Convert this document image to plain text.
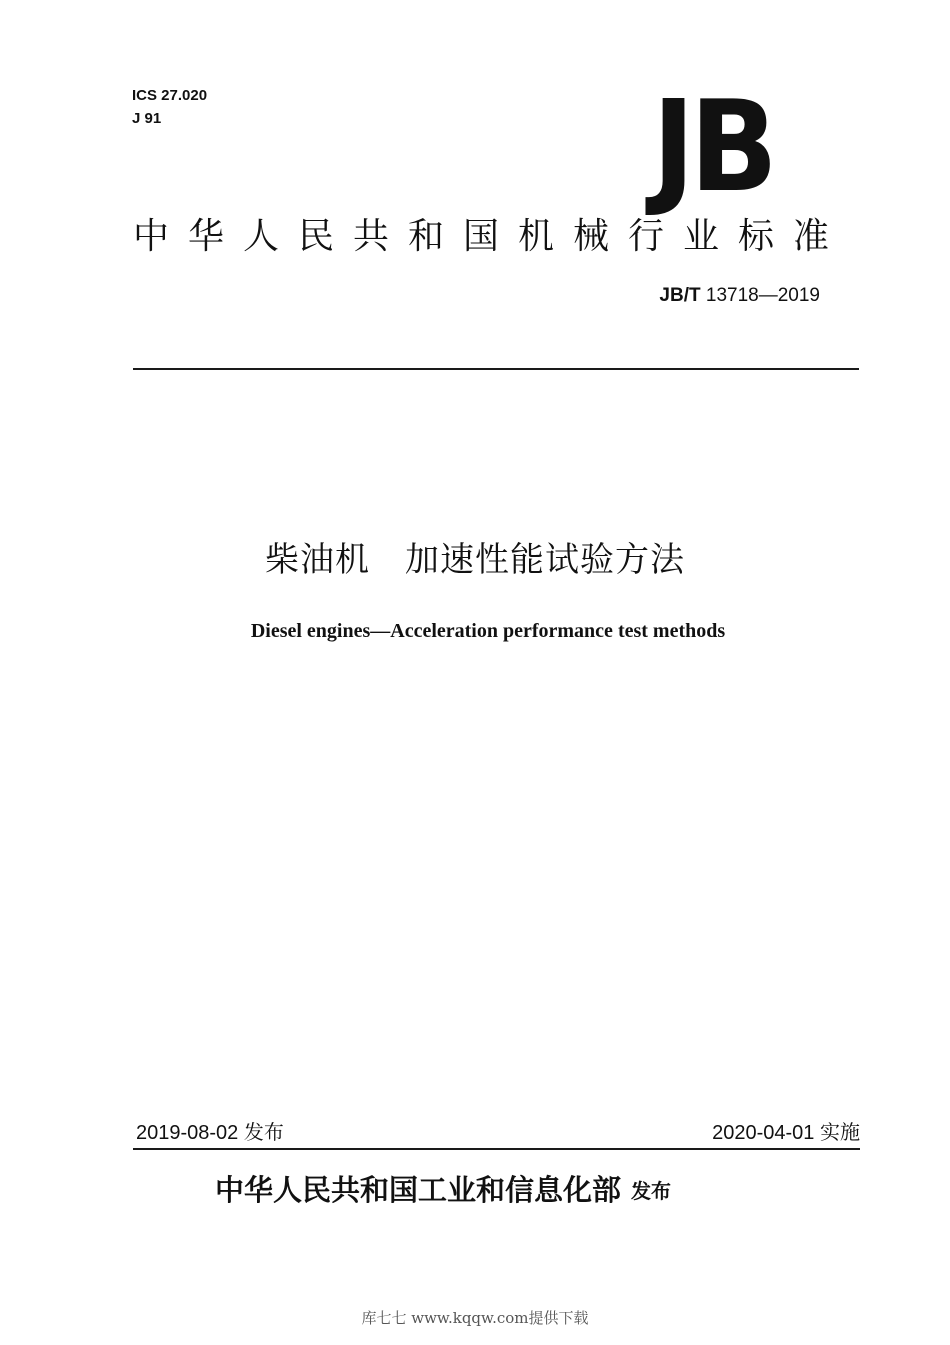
ICS 27.020
J 91	JB
中华人民共和国机械行业标准
JB/T 13718—2019
柴油机　加速性能试验方法
Diesel engines—Acceleration performance test methods
2019-08-02 发布	2020-04-01 实施
中华人民共和国工业和信息化部 发布
库七七 www.kqqw.com提供下载
